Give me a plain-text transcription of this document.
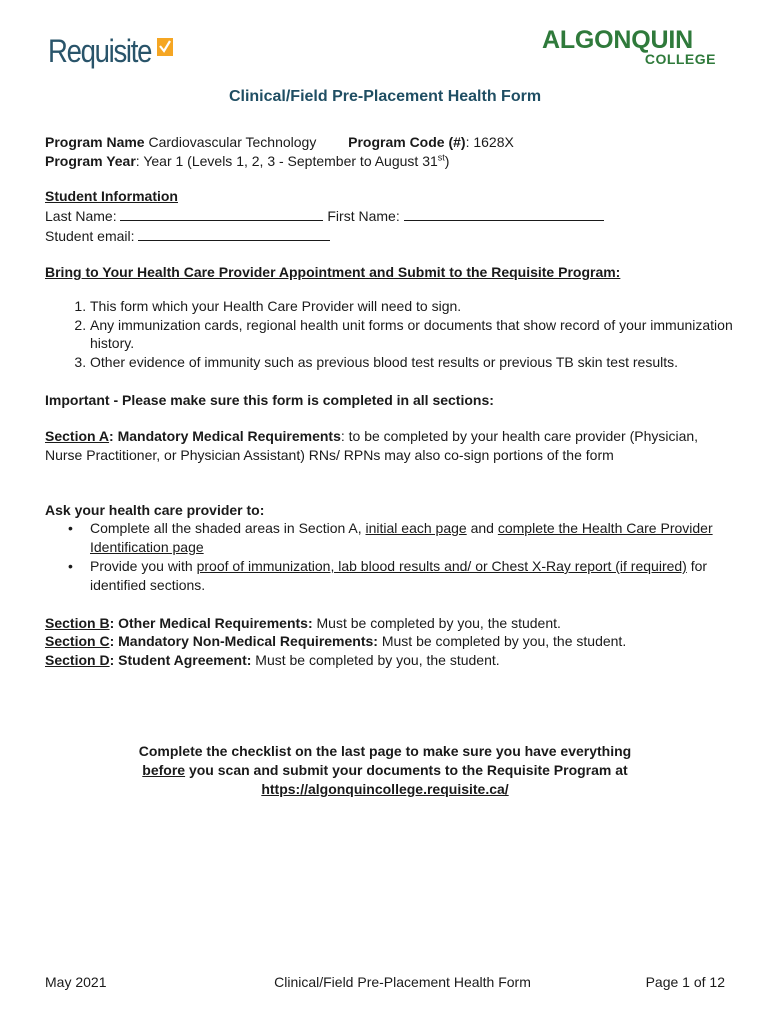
Requisite	ALGONQUIN
COLLEGE
Clinical/Field Pre-Placement Health Form
Program Name Cardiovascular Technology Program Code (#): 1628X
Program Year: Year 1 (Levels 1, 2, 3 - September to August 31st)
Student Information
Last Name:	First Name:
Student email:
Bring to Your Health Care Provider Appointment and Submit to the Requisite Program:
1. This form which your Health Care Provider will need to sign.
2. Any immunization cards, regional health unit forms or documents that show record of your immunization history.
3. Other evidence of immunity such as previous blood test results or previous TB skin test results.
Important - Please make sure this form is completed in all sections:
Section A: Mandatory Medical Requirements: to be completed by your health care provider (Physician, Nurse Practitioner, or Physician Assistant) RNs/ RPNs may also co-sign portions of the form
Ask your health care provider to:
• Complete all the shaded areas in Section A, initial each page and complete the Health Care Provider Identification page
• Provide you with proof of immunization, lab blood results and/ or Chest X-Ray report (if required) for identified sections.
Section B: Other Medical Requirements: Must be completed by you, the student.
Section C: Mandatory Non-Medical Requirements: Must be completed by you, the student.
Section D: Student Agreement: Must be completed by you, the student.
Complete the checklist on the last page to make sure you have everything
before you scan and submit your documents to the Requisite Program at
https://algonquincollege.requisite.ca/
May 2021	Clinical/Field Pre-Placement Health Form	Page 1 of 12
